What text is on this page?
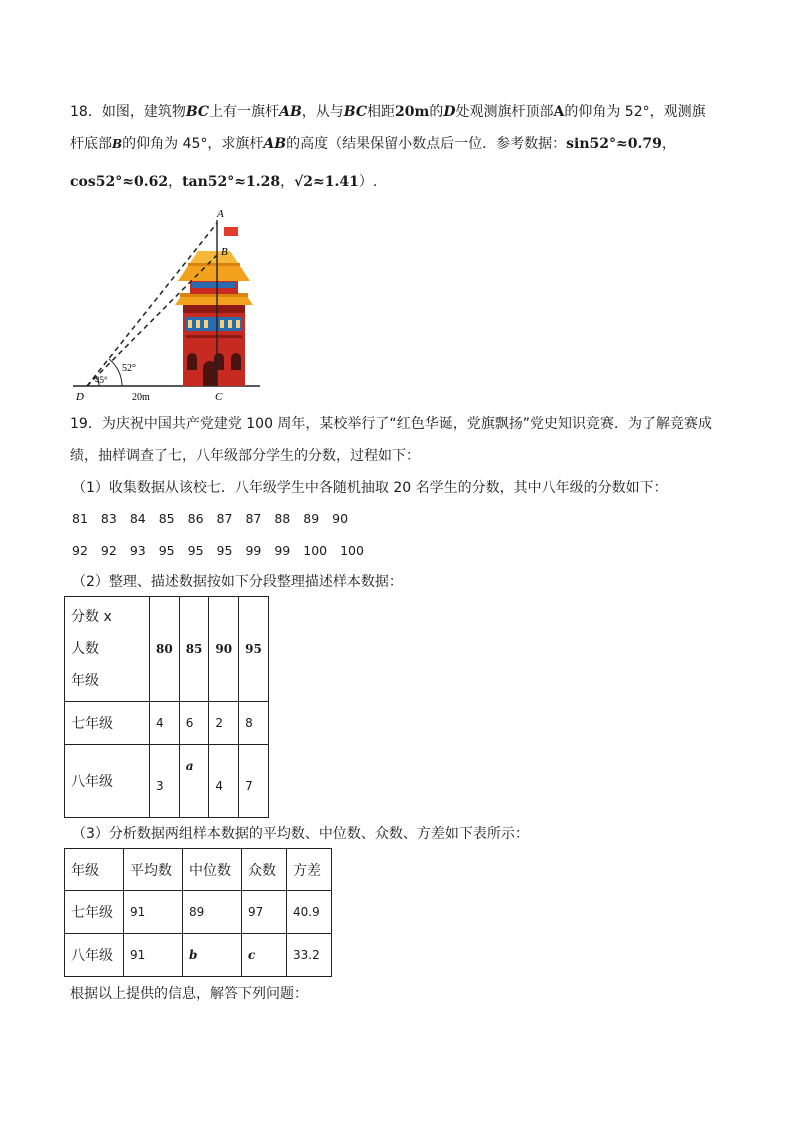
18．如图，建筑物BC上有一旗杆AB，从与BC相距20m的D处观测旗杆顶部A的仰角为 52°，观测旗
杆底部B的仰角为 45°，求旗杆AB的高度（结果保留小数点后一位．参考数据：sin52°≈0.79，
cos52°≈0.62，tan52°≈1.28，√2≈1.41）.
A
B
C
D
45°
52°
20m
19．为庆祝中国共产党建党 100 周年，某校举行了“红色华诞，党旗飘扬”党史知识竞赛．为了解竞赛成
绩，抽样调查了七，八年级部分学生的分数，过程如下：
（1）收集数据从该校七．八年级学生中各随机抽取 20 名学生的分数，其中八年级的分数如下：
81 83 84 85 86 87 87 88 89 90
92 92 93 95 95 95 99 99 100 100
（2）整理、描述数据按如下分段整理描述样本数据：
分数 x
人数
年级	80	85	90	95
七年级	4	6	2	8
八年级	3	a	4	7
（3）分析数据两组样本数据的平均数、中位数、众数、方差如下表所示：
年级	平均数	中位数	众数	方差
七年级	91	89	97	40.9
八年级	91	b	c	33.2
根据以上提供的信息，解答下列问题：
